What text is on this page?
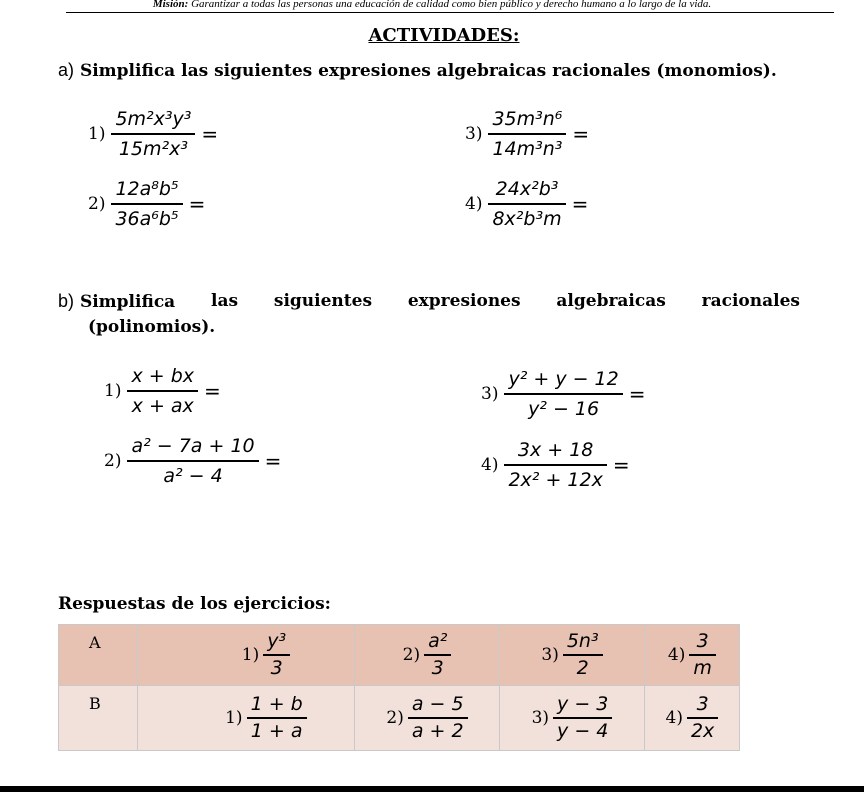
Misión: Garantizar a todas las personas una educación de calidad como bien público y derecho humano a lo largo de la vida.
ACTIVIDADES:
a) Simplifica las siguientes expresiones algebraicas racionales (monomios).
$1) \frac{\text{5m²x³y³}}{\text{15m²x³}}$ =
$2) \frac{\text{12a⁸b⁵}}{\text{36a⁶b⁵}}$ =
$3) \frac{\text{35m³n⁶}}{\text{14m³n³}}$ =
$4) \frac{\text{24x²b³}}{\text{8x²b³m}}$ =
b) Simplifica las siguientes expresiones algebraicas racionales
(polinomios).
$1) \frac{x + bx}{x + ax}$ =
$2) \frac{\text{a² − 7a + 10}}{\text{a² − 4}}$ =
$3) \frac{\text{y² + y − 12}}{\text{y² − 16}}$ =
$4) \frac{3x + 18}{\text{2x² + 12x}}$ =
Respuestas de los ejercicios:
A	$1) \frac{\text{y³}}{3}$	$2) \frac{\text{a²}}{3}$	$3) \frac{\text{5n³}}{2}$	$4) \frac{3}{m}$

B	$1) \frac{1 + b}{1 + a}$	$2) \frac{a - 5}{a + 2}$	$3) \frac{y - 3}{y - 4}$	$4) \frac{3}{2x}$
